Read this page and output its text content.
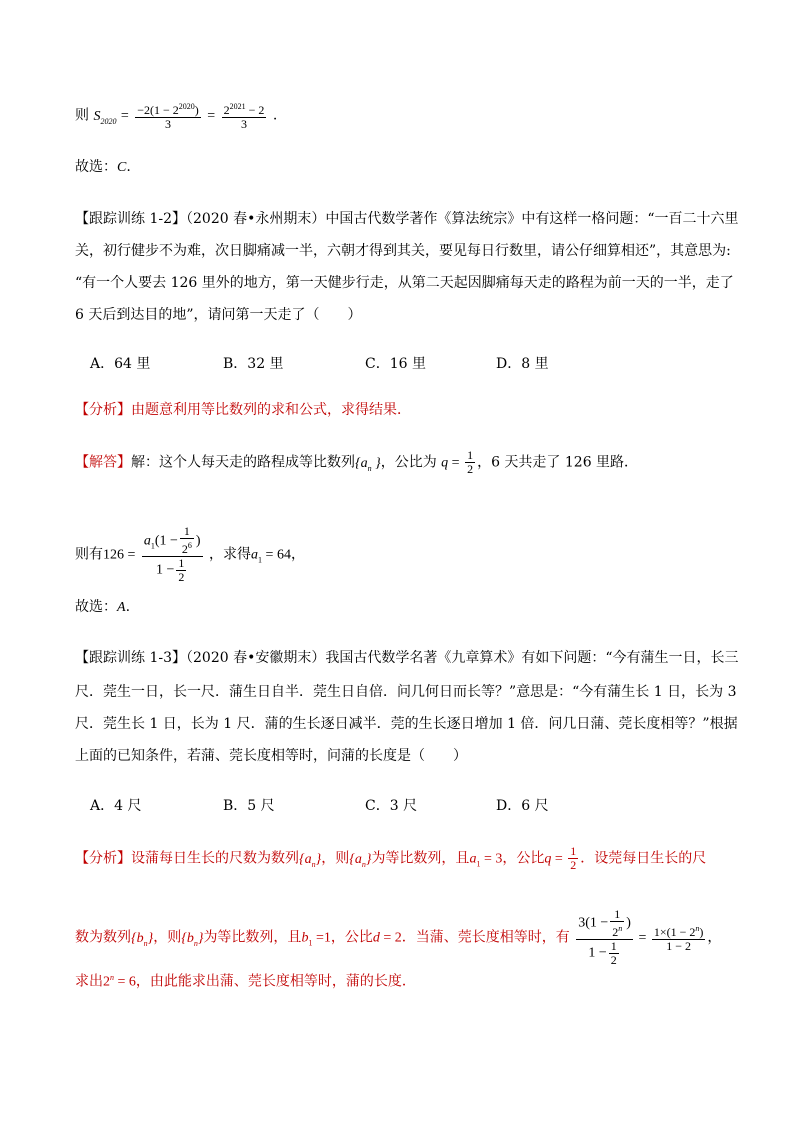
则 $S_{2020} = \frac{-2(1 - 2^{2020})}{3} = \frac{2^{2021} - 2}{3}$ .
故选：C.
【跟踪训练 1-2】（2020 春•永州期末）中国古代数学著作《算法统宗》中有这样一格问题：“一百二十六里
关，初行健步不为难，次日脚痛减一半，六朝才得到其关，要见每日行数里，请公仔细算相还”，其意思为:
“有一个人要去 126 里外的地方，第一天健步行走，从第二天起因脚痛每天走的路程为前一天的一半，走了
6 天后到达目的地”，请问第一天走了（　　）
A．64 里	B．32 里	C．16 里	D．8 里
【分析】由题意利用等比数列的求和公式，求得结果．
【解答】解：这个人每天走的路程成等比数列{$a_n$ }，公比为 $q = \frac{1}{2}$ ，6 天共走了 126 里路．
则有$126 = \frac{a_1(1 - \frac{1}{2^6} )}{1 - \frac{1}{2}}$ ，求得$a_1 = 64$，
故选：A.
【跟踪训练 1-3】（2020 春•安徽期末）我国古代数学名著《九章算术》有如下问题：“今有蒲生一日，长三
尺．莞生一日，长一尺．蒲生日自半．莞生日自倍．问几何日而长等？”意思是：“今有蒲生长 1 日，长为 3
尺．莞生长 1 日，长为 1 尺．蒲的生长逐日减半．莞的生长逐日增加 1 倍．问几日蒲、莞长度相等？”根据
上面的已知条件，若蒲、莞长度相等时，问蒲的长度是（　　）
A．4 尺	B．5 尺	C．3 尺	D．6 尺
【分析】设蒲每日生长的尺数为数列$\{a_n\}$，则$\{a_n\}$为等比数列，且$a_1 = 3$，公比$q = \frac{1}{2}$ ．设莞每日生长的尺
数为数列$\{b_n\}$，则$\{b_n\}$为等比数列，且$b_1 =1$，公比d = 2．当蒲、莞长度相等时，有 $\frac{3(1 - \frac{1}{2^n} )}{1 - \frac{1}{2}} = \frac{1\times(1 - 2^n)}{1 - 2}$ ，
求出$2^n = 6$，由此能求出蒲、莞长度相等时，蒲的长度．
